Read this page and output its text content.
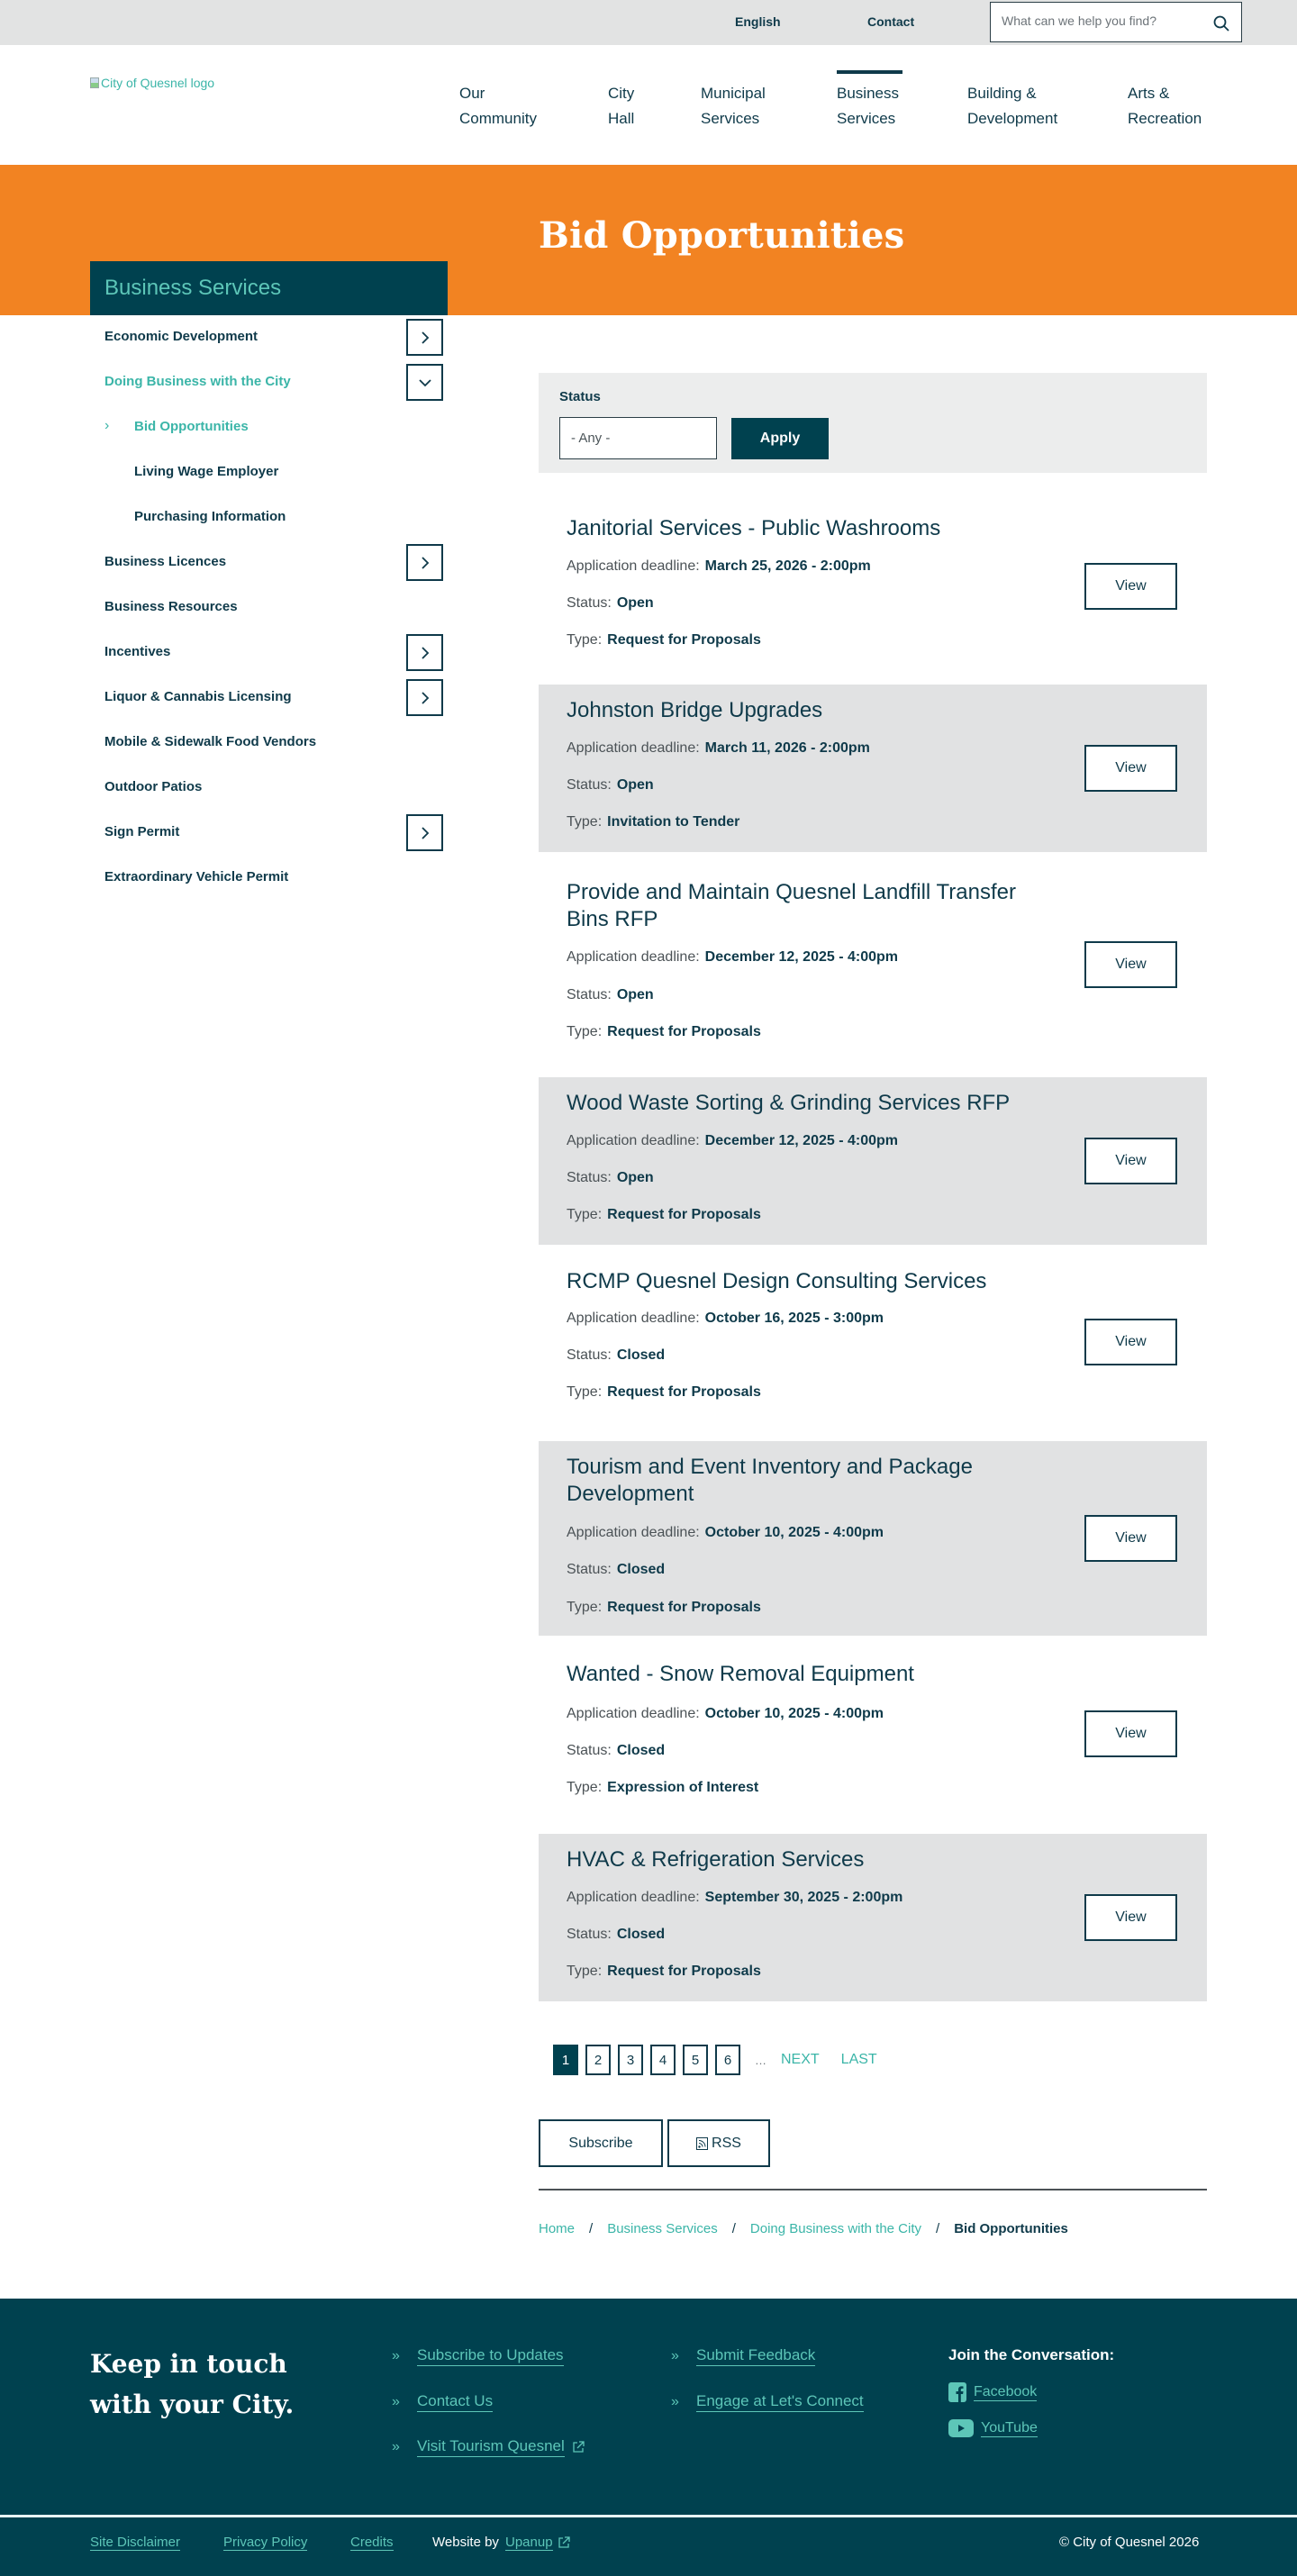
English	Contact
What can we help you find?
City of Quesnel logo
Our
Community
City
Hall
Municipal
Services
Business
Services
Building &
Development
Arts &
Recreation
Bid Opportunities
Business Services
Economic Development
Doing Business with the City
› Bid Opportunities
Living Wage Employer
Purchasing Information
Business Licences
Business Resources
Incentives
Liquor & Cannabis Licensing
Mobile & Sidewalk Food Vendors
Outdoor Patios
Sign Permit
Extraordinary Vehicle Permit
Status
- Any -	Apply
Janitorial Services - Public Washrooms
Application deadline: March 25, 2026 - 2:00pm
Status: Open
Type: Request for Proposals
View
Johnston Bridge Upgrades
Application deadline: March 11, 2026 - 2:00pm
Status: Open
Type: Invitation to Tender
View
Provide and Maintain Quesnel Landfill Transfer Bins RFP
Application deadline: December 12, 2025 - 4:00pm
Status: Open
Type: Request for Proposals
View
Wood Waste Sorting & Grinding Services RFP
Application deadline: December 12, 2025 - 4:00pm
Status: Open
Type: Request for Proposals
View
RCMP Quesnel Design Consulting Services
Application deadline: October 16, 2025 - 3:00pm
Status: Closed
Type: Request for Proposals
View
Tourism and Event Inventory and Package Development
Application deadline: October 10, 2025 - 4:00pm
Status: Closed
Type: Request for Proposals
View
Wanted - Snow Removal Equipment
Application deadline: October 10, 2025 - 4:00pm
Status: Closed
Type: Expression of Interest
View
HVAC & Refrigeration Services
Application deadline: September 30, 2025 - 2:00pm
Status: Closed
Type: Request for Proposals
View
1	2	3	4	5	6	… NEXT LAST
Subscribe	RSS
Home / Business Services / Doing Business with the City / Bid Opportunities
Keep in touch
with your City.
»	Subscribe to Updates
»	Contact Us
»	Visit Tourism Quesnel
»	Submit Feedback
»	Engage at Let's Connect
Join the Conversation:
Facebook
YouTube
Site Disclaimer	Privacy Policy	Credits	Website by Upanup	© City of Quesnel 2026
